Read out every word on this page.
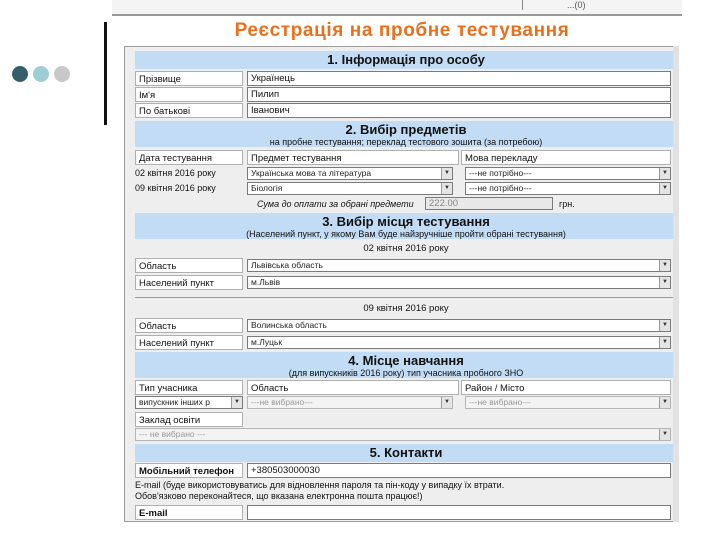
...(0)
Реєстрація на пробне тестування
1. Інформація про особу
Прізвище	Українець
Ім'я	Пилип
По батькові	Іванович
2. Вибір предметів
на пробне тестування; переклад тестового зошита (за потребою)
Дата тестування	Предмет тестування	Мова перекладу
02 квітня 2016 року	Українська мова та література	▼	---не потрібно---	▼
09 квітня 2016 року	Біологія	▼	---не потрібно---	▼
Сума до оплати за обрані предмети	222.00	грн.
3. Вибір місця тестування
(Населений пункт, у якому Вам буде найзручніше пройти обрані тестування)
02 квітня 2016 року
Область	Львівська область	▼
Населений пункт	м.Львів	▼
09 квітня 2016 року
Область	Волинська область	▼
Населений пункт	м.Луцьк	▼
4. Місце навчання
(для випускників 2016 року) тип учасника пробного ЗНО
Тип учасника	Область	Район / Місто
випускник інших р	▼	---не вибрано---	▼	---не вибрано---	▼
Заклад освіти
--- не вибрано ---	▼
5. Контакти
Мобільний телефон	+380503000030
E-mail (буде використовуватись для відновлення пароля та пін-коду у випадку їх втрати.
Обов'язково переконайтеся, що вказана електронна пошта працює!)
E-mail
